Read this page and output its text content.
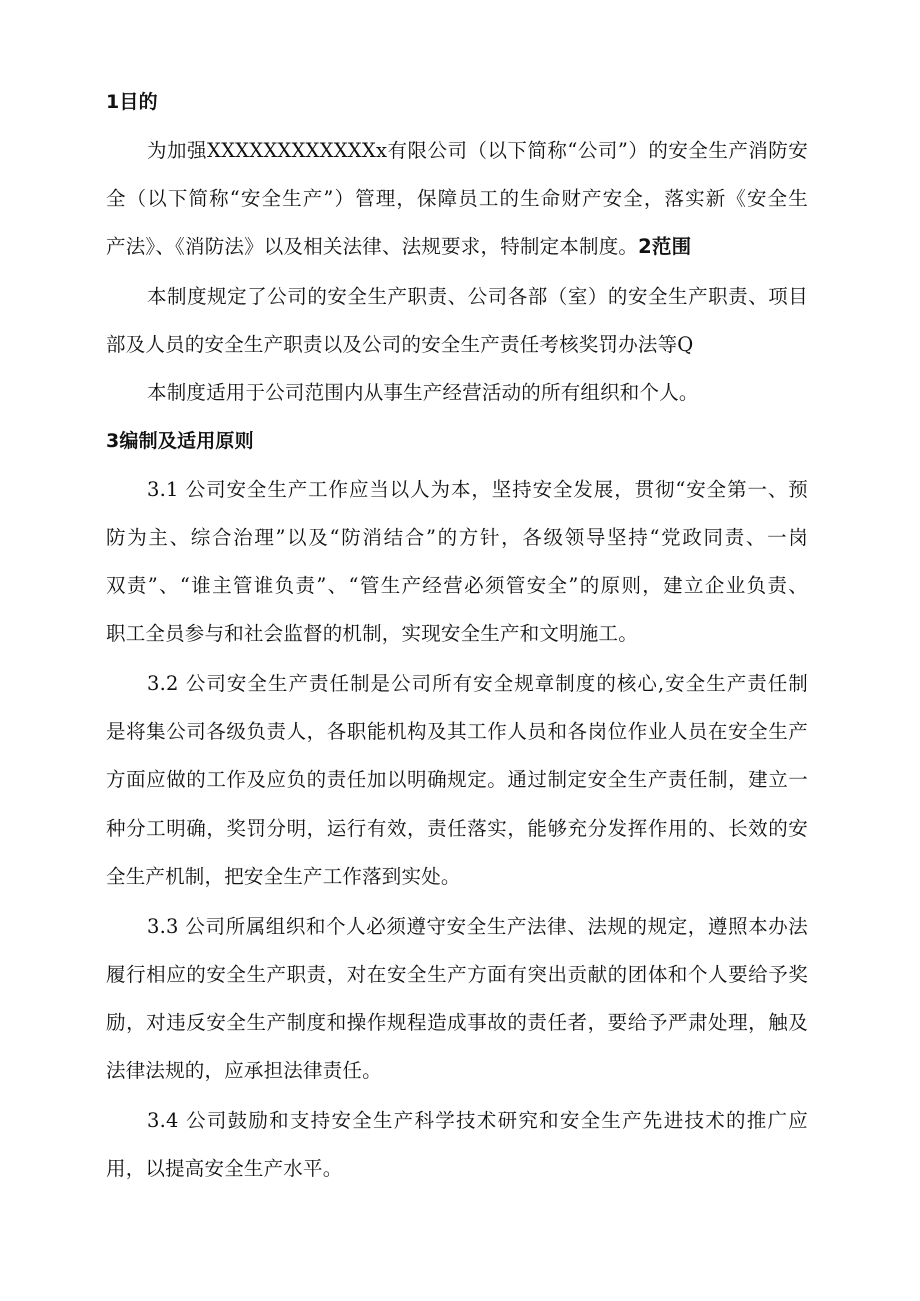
1目的
为加强XXXXXXXXXXXXx有限公司（以下简称“公司”）的安全生产消防安
全（以下简称“安全生产”）管理，保障员工的生命财产安全，落实新《安全生
产法》、《消防法》以及相关法律、法规要求，特制定本制度。2范围
本制度规定了公司的安全生产职责、公司各部（室）的安全生产职责、项目
部及人员的安全生产职责以及公司的安全生产责任考核奖罚办法等Q
本制度适用于公司范围内从事生产经营活动的所有组织和个人。
3编制及适用原则
3.1 公司安全生产工作应当以人为本，坚持安全发展，贯彻“安全第一、预
防为主、综合治理”以及“防消结合”的方针，各级领导坚持“党政同责、一岗
双责”、“谁主管谁负责”、“管生产经营必须管安全”的原则，建立企业负责、
职工全员参与和社会监督的机制，实现安全生产和文明施工。
3.2 公司安全生产责任制是公司所有安全规章制度的核心,安全生产责任制
是将集公司各级负责人，各职能机构及其工作人员和各岗位作业人员在安全生产
方面应做的工作及应负的责任加以明确规定。通过制定安全生产责任制，建立一
种分工明确，奖罚分明，运行有效，责任落实，能够充分发挥作用的、长效的安
全生产机制，把安全生产工作落到实处。
3.3 公司所属组织和个人必须遵守安全生产法律、法规的规定，遵照本办法
履行相应的安全生产职责，对在安全生产方面有突出贡献的团体和个人要给予奖
励，对违反安全生产制度和操作规程造成事故的责任者，要给予严肃处理，触及
法律法规的，应承担法律责任。
3.4 公司鼓励和支持安全生产科学技术研究和安全生产先进技术的推广应
用，以提高安全生产水平。
